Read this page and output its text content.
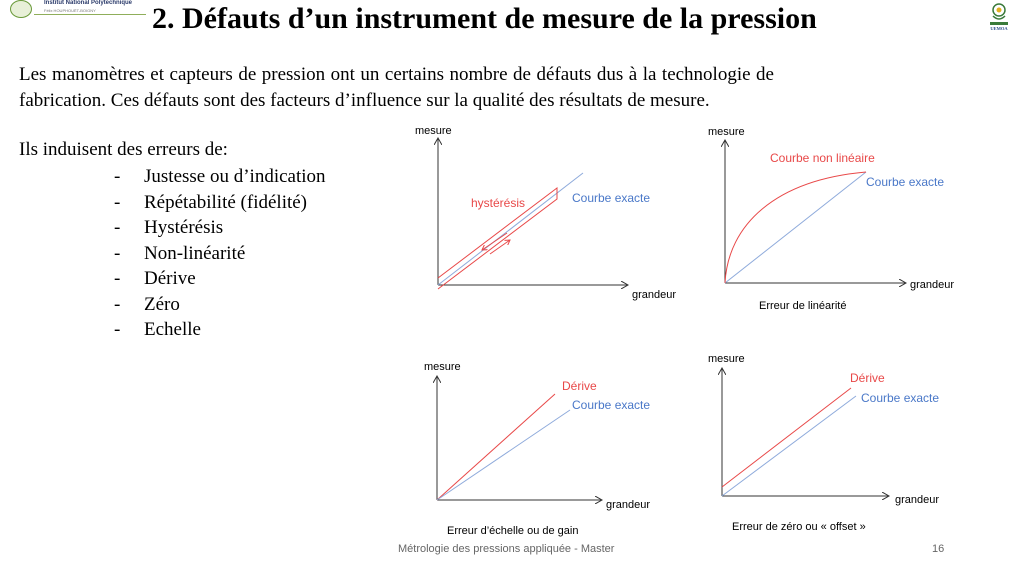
Institut National Polytechnique
Félix HOUPHOUËT-BOIGNY
UEMOA
2. Défauts d’un instrument de mesure de la pression
Les manomètres et capteurs de pression ont un certains nombre de défauts dus à la technologie de fabrication. Ces défauts sont des facteurs d’influence sur la qualité des résultats de mesure.
Ils induisent des erreurs de:
- Justesse ou d’indication
- Répétabilité (fidélité)
- Hystérésis
- Non-linéarité
- Dérive
- Zéro
- Echelle
mesure
grandeur
hystérésis	Courbe exacte
mesure
grandeur
Courbe non linéaire
Courbe exacte
Erreur de linéarité
mesure
grandeur
Dérive
Courbe exacte
Erreur d’échelle ou de gain
mesure
grandeur
Dérive
Courbe exacte
Erreur de zéro ou « offset »
Métrologie des pressions appliquée - Master	16
